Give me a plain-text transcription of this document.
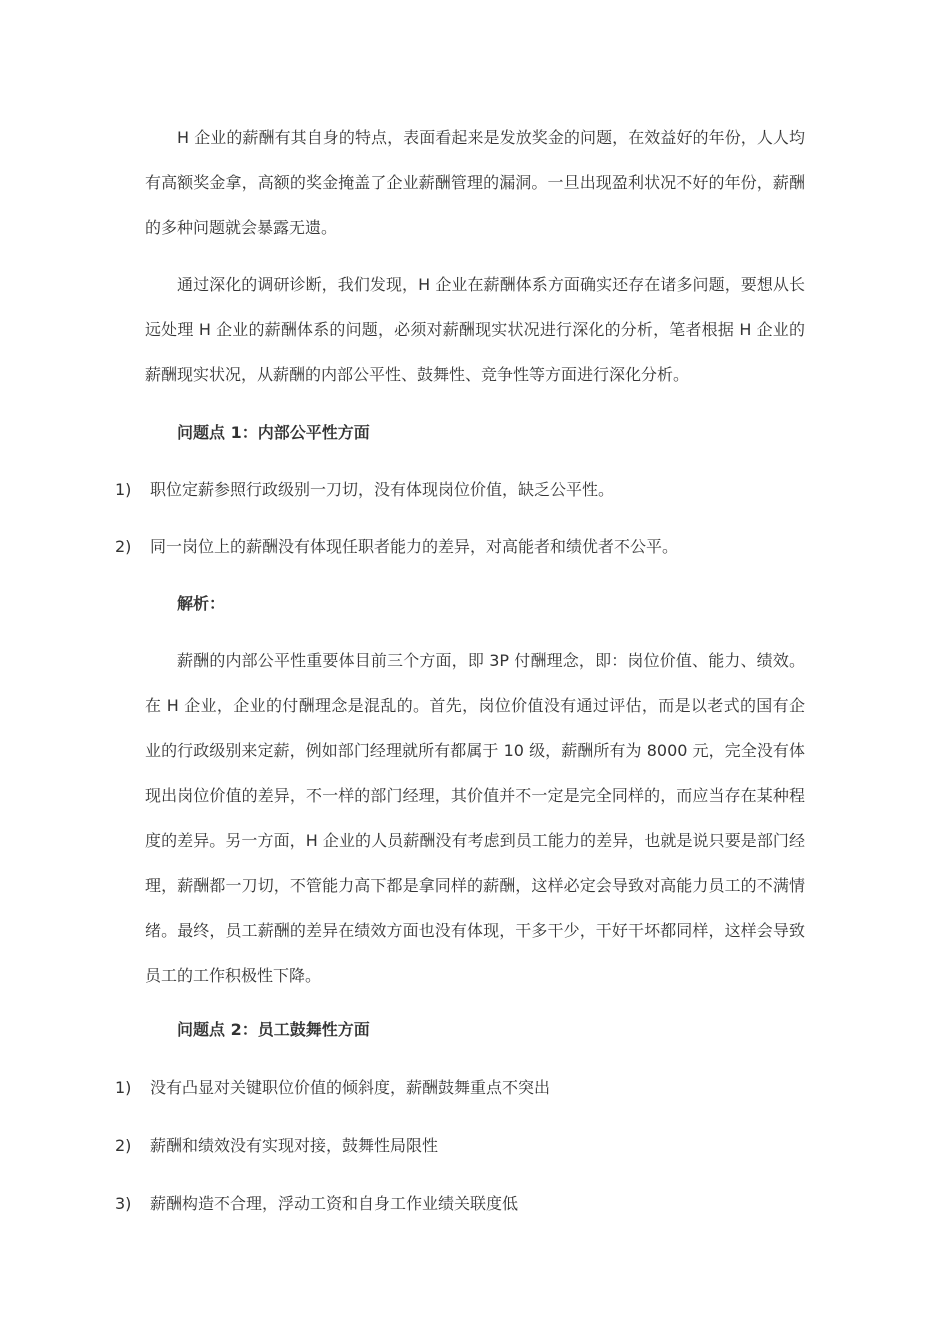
H 企业的薪酬有其自身的特点，表面看起来是发放奖金的问题，在效益好的年份，人人均有高额奖金拿，高额的奖金掩盖了企业薪酬管理的漏洞。一旦出现盈利状况不好的年份，薪酬的多种问题就会暴露无遗。

通过深化的调研诊断，我们发现，H 企业在薪酬体系方面确实还存在诸多问题，要想从长远处理 H 企业的薪酬体系的问题，必须对薪酬现实状况进行深化的分析，笔者根据 H 企业的薪酬现实状况，从薪酬的内部公平性、鼓舞性、竞争性等方面进行深化分析。

问题点 1：内部公平性方面

1) 职位定薪参照行政级别一刀切，没有体现岗位价值，缺乏公平性。

2) 同一岗位上的薪酬没有体现任职者能力的差异，对高能者和绩优者不公平。

解析：

薪酬的内部公平性重要体目前三个方面，即 3P 付酬理念，即：岗位价值、能力、绩效。在 H 企业，企业的付酬理念是混乱的。首先，岗位价值没有通过评估，而是以老式的国有企业的行政级别来定薪，例如部门经理就所有都属于 10 级，薪酬所有为 8000 元，完全没有体现出岗位价值的差异，不一样的部门经理，其价值并不一定是完全同样的，而应当存在某种程度的差异。另一方面，H 企业的人员薪酬没有考虑到员工能力的差异，也就是说只要是部门经理，薪酬都一刀切，不管能力高下都是拿同样的薪酬，这样必定会导致对高能力员工的不满情绪。最终，员工薪酬的差异在绩效方面也没有体现，干多干少，干好干坏都同样，这样会导致员工的工作积极性下降。

问题点 2：员工鼓舞性方面

1) 没有凸显对关键职位价值的倾斜度，薪酬鼓舞重点不突出

2) 薪酬和绩效没有实现对接，鼓舞性局限性

3) 薪酬构造不合理，浮动工资和自身工作业绩关联度低
